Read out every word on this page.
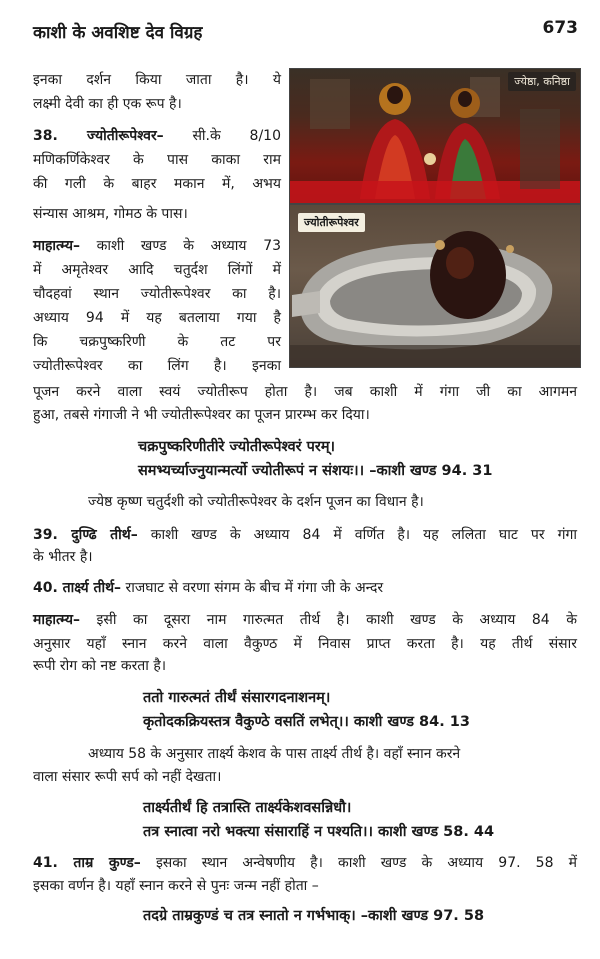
काशी के अवशिष्ट देव विग्रह	673
इनका दर्शन किया जाता है। ये
लक्ष्मी देवी का ही एक रूप है।
38. ज्योतीरूपेश्वर– सी.के 8/10
मणिकर्णिकेश्वर के पास काका राम
की गली के बाहर मकान में, अभय
संन्यास आश्रम, गोमठ के पास।
माहात्म्य– काशी खण्ड के अध्याय 73
में अमृतेश्वर आदि चतुर्दश लिंगों में
चौदहवां स्थान ज्योतीरूपेश्वर का है।
अध्याय 94 में यह बतलाया गया है
कि चक्रपुष्करिणी के तट पर
ज्योतीरूपेश्वर का लिंग है। इनका
ज्येष्ठा, कनिष्ठा
ज्योतीरूपेश्वर
पूजन करने वाला स्वयं ज्योतीरूप होता है। जब काशी में गंगा जी का आगमन
हुआ, तबसे गंगाजी ने भी ज्योतीरूपेश्वर का पूजन प्रारम्भ कर दिया।
चक्रपुष्करिणीतीरे ज्योतीरूपेश्वरं परम्।
समभ्यर्च्याज्नुयान्मर्त्यो ज्योतीरूपं न संशयः।। –काशी खण्ड 94. 31
ज्येष्ठ कृष्ण चतुर्दशी को ज्योतीरूपेश्वर के दर्शन पूजन का विधान है।
39. दुण्ढि तीर्थ– काशी खण्ड के अध्याय 84 में वर्णित है। यह ललिता घाट पर गंगा
के भीतर है।
40. तार्क्ष्य तीर्थ– राजघाट से वरणा संगम के बीच में गंगा जी के अन्दर
माहात्म्य– इसी का दूसरा नाम गारुत्मत तीर्थ है। काशी खण्ड के अध्याय 84 के
अनुसार यहाँ स्नान करने वाला वैकुण्ठ में निवास प्राप्त करता है। यह तीर्थ संसार
रूपी रोग को नष्ट करता है।
ततो गारुत्मतं तीर्थं संसारगदनाशनम्।
कृतोदकक्रियस्तत्र वैकुण्ठे वसतिं लभेत्।। काशी खण्ड 84. 13
अध्याय 58 के अनुसार तार्क्ष्य केशव के पास तार्क्ष्य तीर्थ है। वहाँ स्नान करने
वाला संसार रूपी सर्प को नहीं देखता।
तार्क्ष्यतीर्थं हि तत्रास्ति तार्क्ष्यकेशवसन्निधौ।
तत्र स्नात्वा नरो भक्त्या संसाराहिं न पश्यति।। काशी खण्ड 58. 44
41. ताम्र कुण्ड– इसका स्थान अन्वेषणीय है। काशी खण्ड के अध्याय 97. 58 में
इसका वर्णन है। यहाँ स्नान करने से पुनः जन्म नहीं होता –
तदग्रे ताम्रकुण्डं च तत्र स्नातो न गर्भभाक्। –काशी खण्ड 97. 58
